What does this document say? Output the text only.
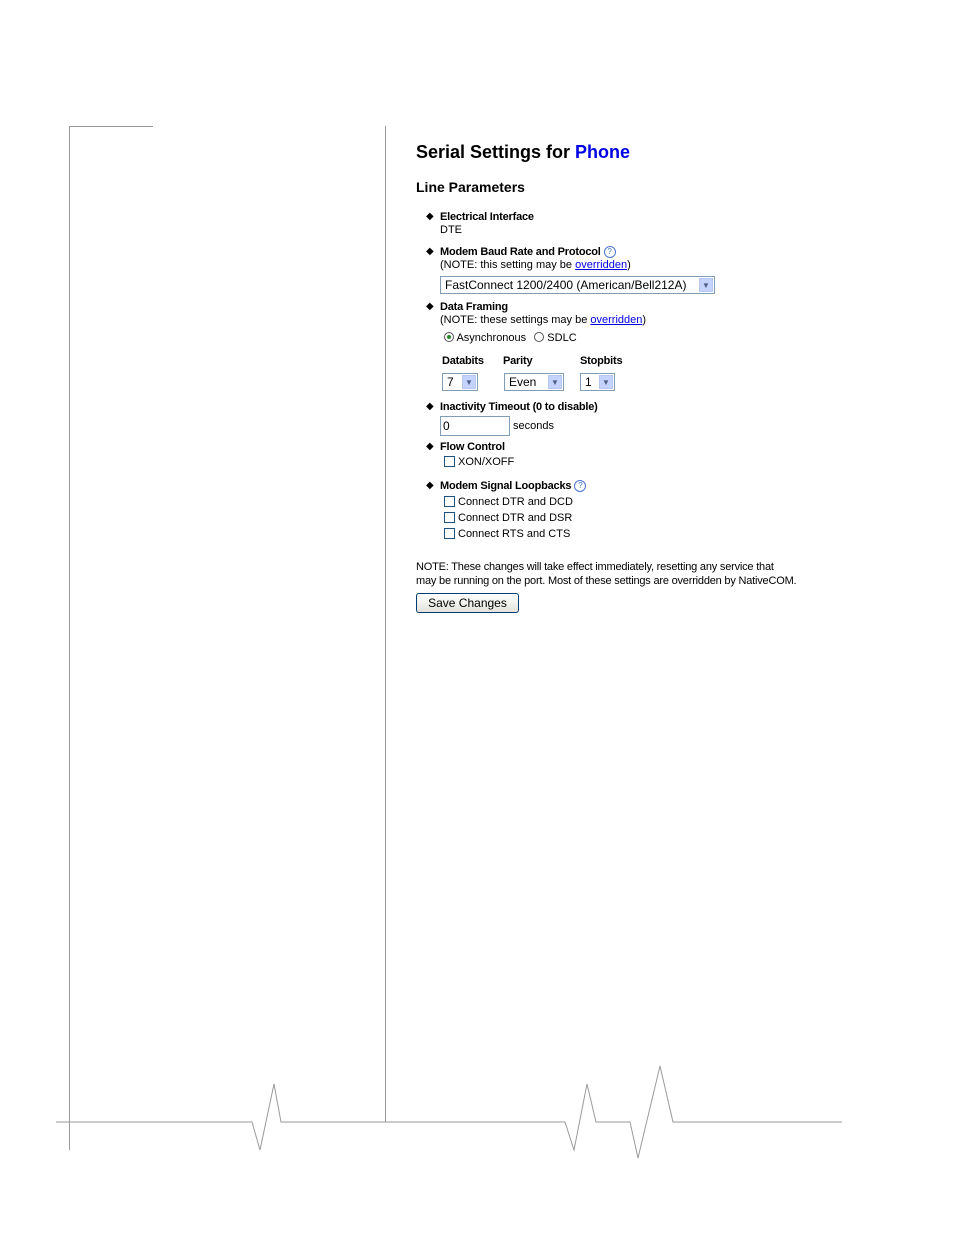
Serial Settings for Phone
Line Parameters
◆ Electrical Interface
DTE
◆ Modem Baud Rate and Protocol ?
(NOTE: this setting may be overridden)
FastConnect 1200/2400 (American/Bell212A)	▼
◆ Data Framing
(NOTE: these settings may be overridden)
Asynchronous SDLC
Databits Parity	Stopbits
7	▼	Even	▼ 1	▼
◆ Inactivity Timeout (0 to disable)
0	seconds
◆ Flow Control
XON/XOFF
◆ Modem Signal Loopbacks ?
Connect DTR and DCD
Connect DTR and DSR
Connect RTS and CTS
NOTE: These changes will take effect immediately, resetting any service that
may be running on the port. Most of these settings are overridden by NativeCOM.
Save Changes
